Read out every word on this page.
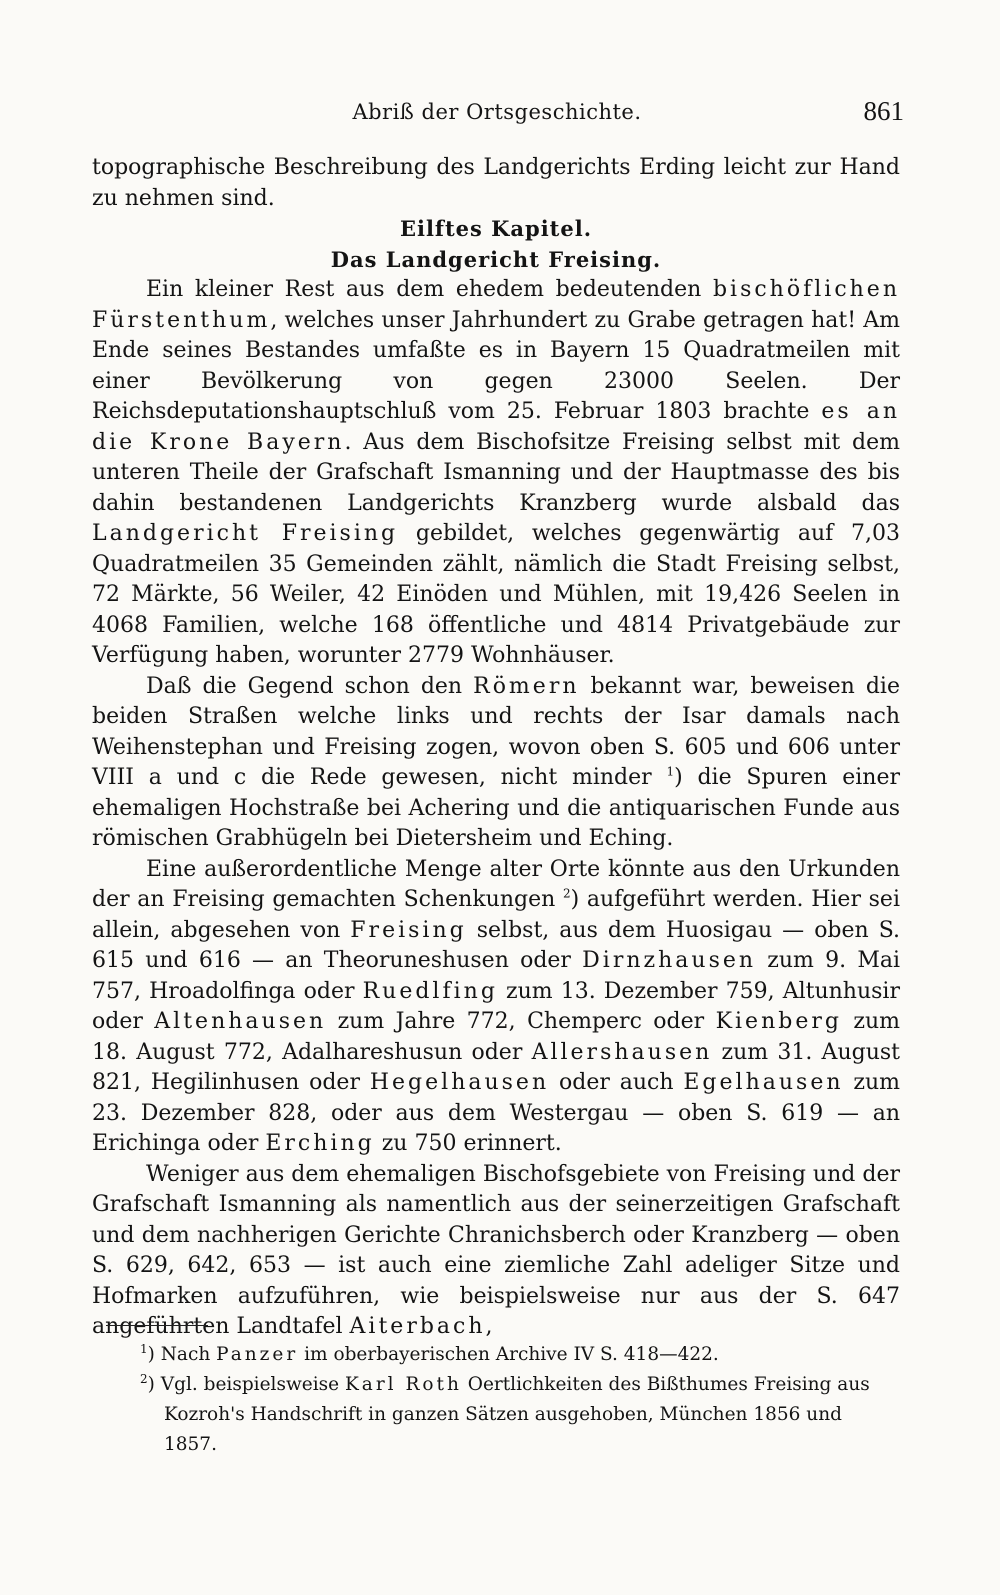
Abriß der Ortsgeschichte.	861

topographische Beschreibung des Landgerichts Erding leicht zur Hand zu nehmen sind.

Eilftes Kapitel.

Das Landgericht Freising.

Ein kleiner Rest aus dem ehedem bedeutenden bischöflichen Fürstenthum, welches unser Jahrhundert zu Grabe getragen hat! Am Ende seines Bestandes umfaßte es in Bayern 15 Quadratmeilen mit einer Bevölkerung von gegen 23000 Seelen. Der Reichsdeputationshauptschluß vom 25. Februar 1803 brachte es an die Krone Bayern. Aus dem Bischofsitze Freising selbst mit dem unteren Theile der Grafschaft Ismanning und der Hauptmasse des bis dahin bestandenen Landgerichts Kranzberg wurde alsbald das Landgericht Freising gebildet, welches gegenwärtig auf 7,03 Quadratmeilen 35 Gemeinden zählt, nämlich die Stadt Freising selbst, 72 Märkte, 56 Weiler, 42 Einöden und Mühlen, mit 19,426 Seelen in 4068 Familien, welche 168 öffentliche und 4814 Privatgebäude zur Verfügung haben, worunter 2779 Wohnhäuser.

Daß die Gegend schon den Römern bekannt war, beweisen die beiden Straßen welche links und rechts der Isar damals nach Weihenstephan und Freising zogen, wovon oben S. 605 und 606 unter VIII a und c die Rede gewesen, nicht minder $^1$) die Spuren einer ehemaligen Hochstraße bei Achering und die antiquarischen Funde aus römischen Grabhügeln bei Dietersheim und Eching.

Eine außerordentliche Menge alter Orte könnte aus den Urkunden der an Freising gemachten Schenkungen $^2$) aufgeführt werden. Hier sei allein, abgesehen von Freising selbst, aus dem Huosigau — oben S. 615 und 616 — an Theoruneshusen oder Dirnzhausen zum 9. Mai 757, Hroadolfinga oder Ruedlfing zum 13. Dezember 759, Altunhusir oder Altenhausen zum Jahre 772, Chemperc oder Kienberg zum 18. August 772, Adalhareshusun oder Allershausen zum 31. August 821, Hegilinhusen oder Hegelhausen oder auch Egelhausen zum 23. Dezember 828, oder aus dem Westergau — oben S. 619 — an Erichinga oder Erching zu 750 erinnert.

Weniger aus dem ehemaligen Bischofsgebiete von Freising und der Grafschaft Ismanning als namentlich aus der seinerzeitigen Grafschaft und dem nachherigen Gerichte Chranichsberch oder Kranzberg — oben S. 629, 642, 653 — ist auch eine ziemliche Zahl adeliger Sitze und Hofmarken aufzuführen, wie beispielsweise nur aus der S. 647 angeführten Landtafel Aiterbach,

$^1$) Nach Panzer im oberbayerischen Archive IV S. 418—422.

$^2$) Vgl. beispielsweise Karl Roth Oertlichkeiten des Bißthumes Freising aus Kozroh's Handschrift in ganzen Sätzen ausgehoben, München 1856 und 1857.
